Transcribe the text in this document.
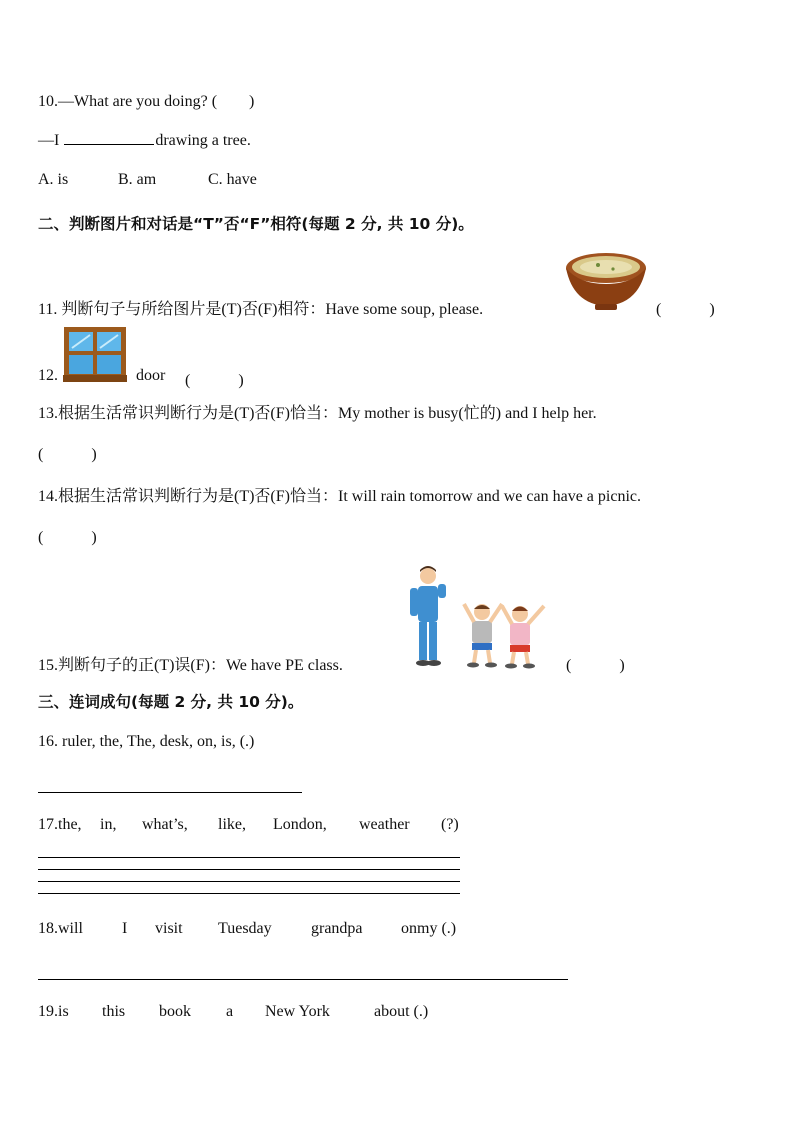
10.—What are you doing? (　　)
—I	drawing a tree.
A. is	B. am	C. have
二、判断图片和对话是“T”否“F”相符(每题 2 分, 共 10 分)。
11. 判断句子与所给图片是(T)否(F)相符：Have some soup, please.	(　　　)
12.	door (　　　)
13.根据生活常识判断行为是(T)否(F)恰当：My mother is busy(忙的) and I help her.
(　　　)
14.根据生活常识判断行为是(T)否(F)恰当：It will rain tomorrow and we can have a picnic.
(　　　)
15.判断句子的正(T)误(F)：We have PE class.	(　　　)
三、连词成句(每题 2 分, 共 10 分)。
16. ruler, the, The, desk, on, is, (.)
17.the, in, what’s, like, London, weather (?)
18.will I visit Tuesday grandpa onmy (.)
19.is this book a New York	about (.)
